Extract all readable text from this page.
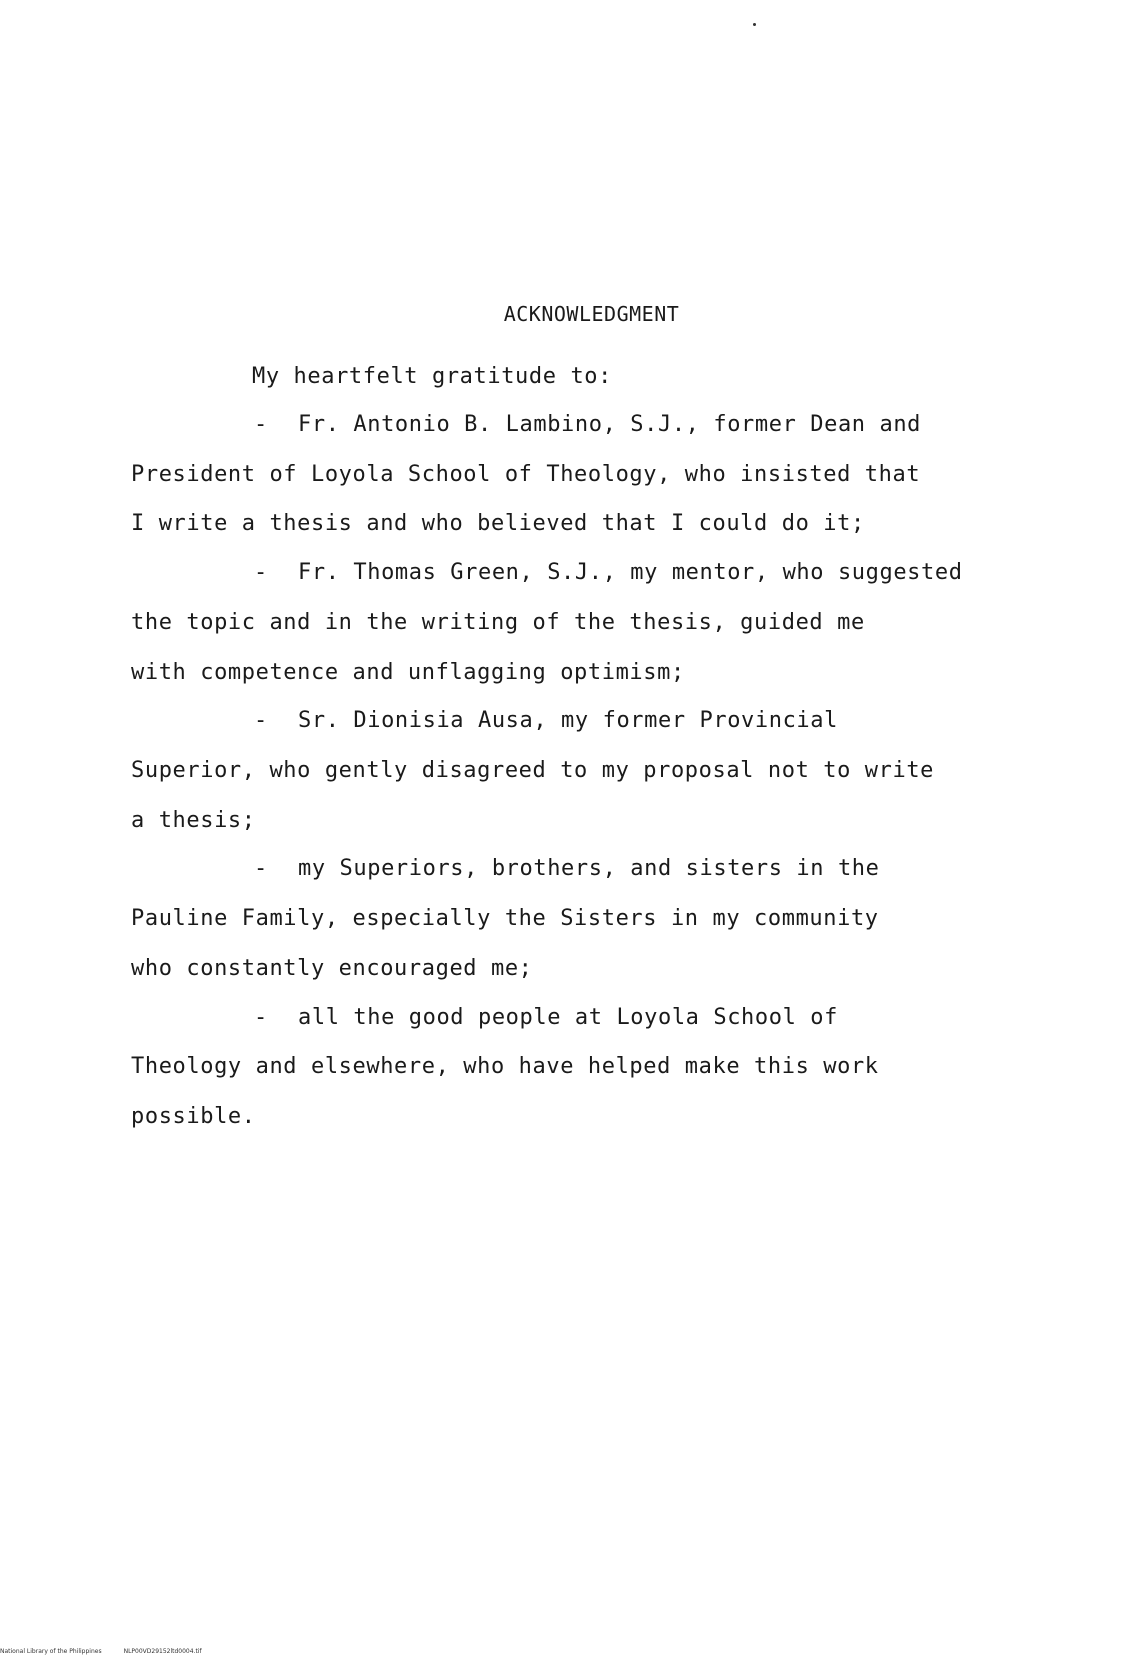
ACKNOWLEDGMENT

My heartfelt gratitude to:

- Fr. Antonio B. Lambino, S.J., former Dean and

President of Loyola School of Theology, who insisted that

I write a thesis and who believed that I could do it;

- Fr. Thomas Green, S.J., my mentor, who suggested

the topic and in the writing of the thesis, guided me

with competence and unflagging optimism;

- Sr. Dionisia Ausa, my former Provincial

Superior, who gently disagreed to my proposal not to write

a thesis;

- my Superiors, brothers, and sisters in the

Pauline Family, especially the Sisters in my community

who constantly encouraged me;

- all the good people at Loyola School of

Theology and elsewhere, who have helped make this work

possible.

National Library of the Philippines	NLP00VD29152ltd0004.tif
